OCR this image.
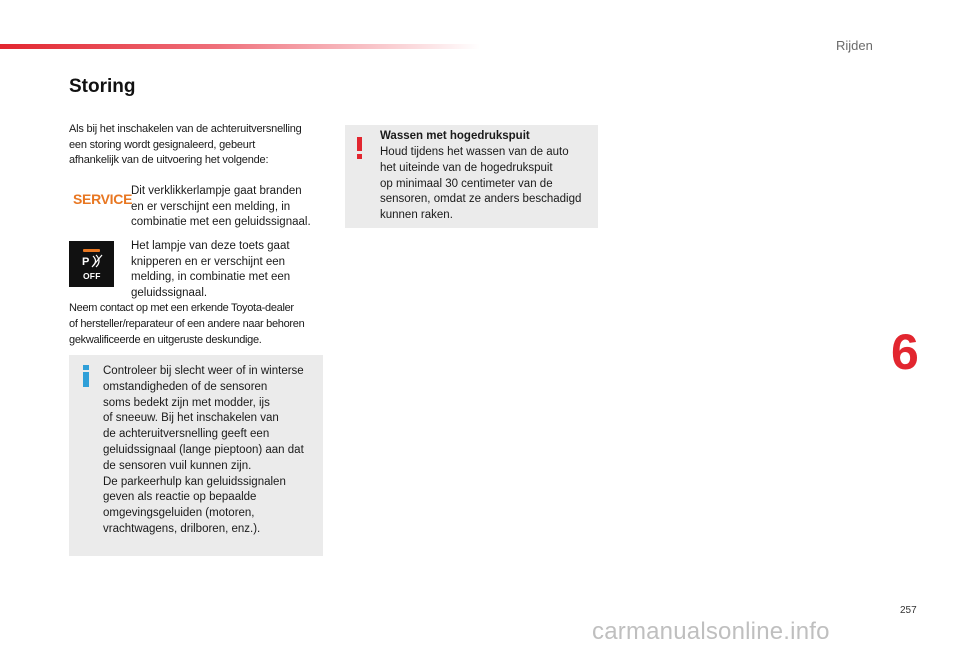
Rijden
Storing
Als bij het inschakelen van de achteruitversnelling
een storing wordt gesignaleerd, gebeurt
afhankelijk van de uitvoering het volgende:
SERVICE
Dit verklikkerlampje gaat branden
en er verschijnt een melding, in
combinatie met een geluidssignaal.
P
OFF
Het lampje van deze toets gaat
knipperen en er verschijnt een
melding, in combinatie met een
geluidssignaal.
Neem contact op met een erkende Toyota-dealer
of hersteller/reparateur of een andere naar behoren
gekwalificeerde en uitgeruste deskundige.
Controleer bij slecht weer of in winterse
omstandigheden of de sensoren
soms bedekt zijn met modder, ijs
of sneeuw. Bij het inschakelen van
de achteruitversnelling geeft een
geluidssignaal (lange pieptoon) aan dat
de sensoren vuil kunnen zijn.
De parkeerhulp kan geluidssignalen
geven als reactie op bepaalde
omgevingsgeluiden (motoren,
vrachtwagens, drilboren, enz.).
Wassen met hogedrukspuit
Houd tijdens het wassen van de auto
het uiteinde van de hogedrukspuit
op minimaal 30 centimeter van de
sensoren, omdat ze anders beschadigd
kunnen raken.
6
257
carmanualsonline.info
